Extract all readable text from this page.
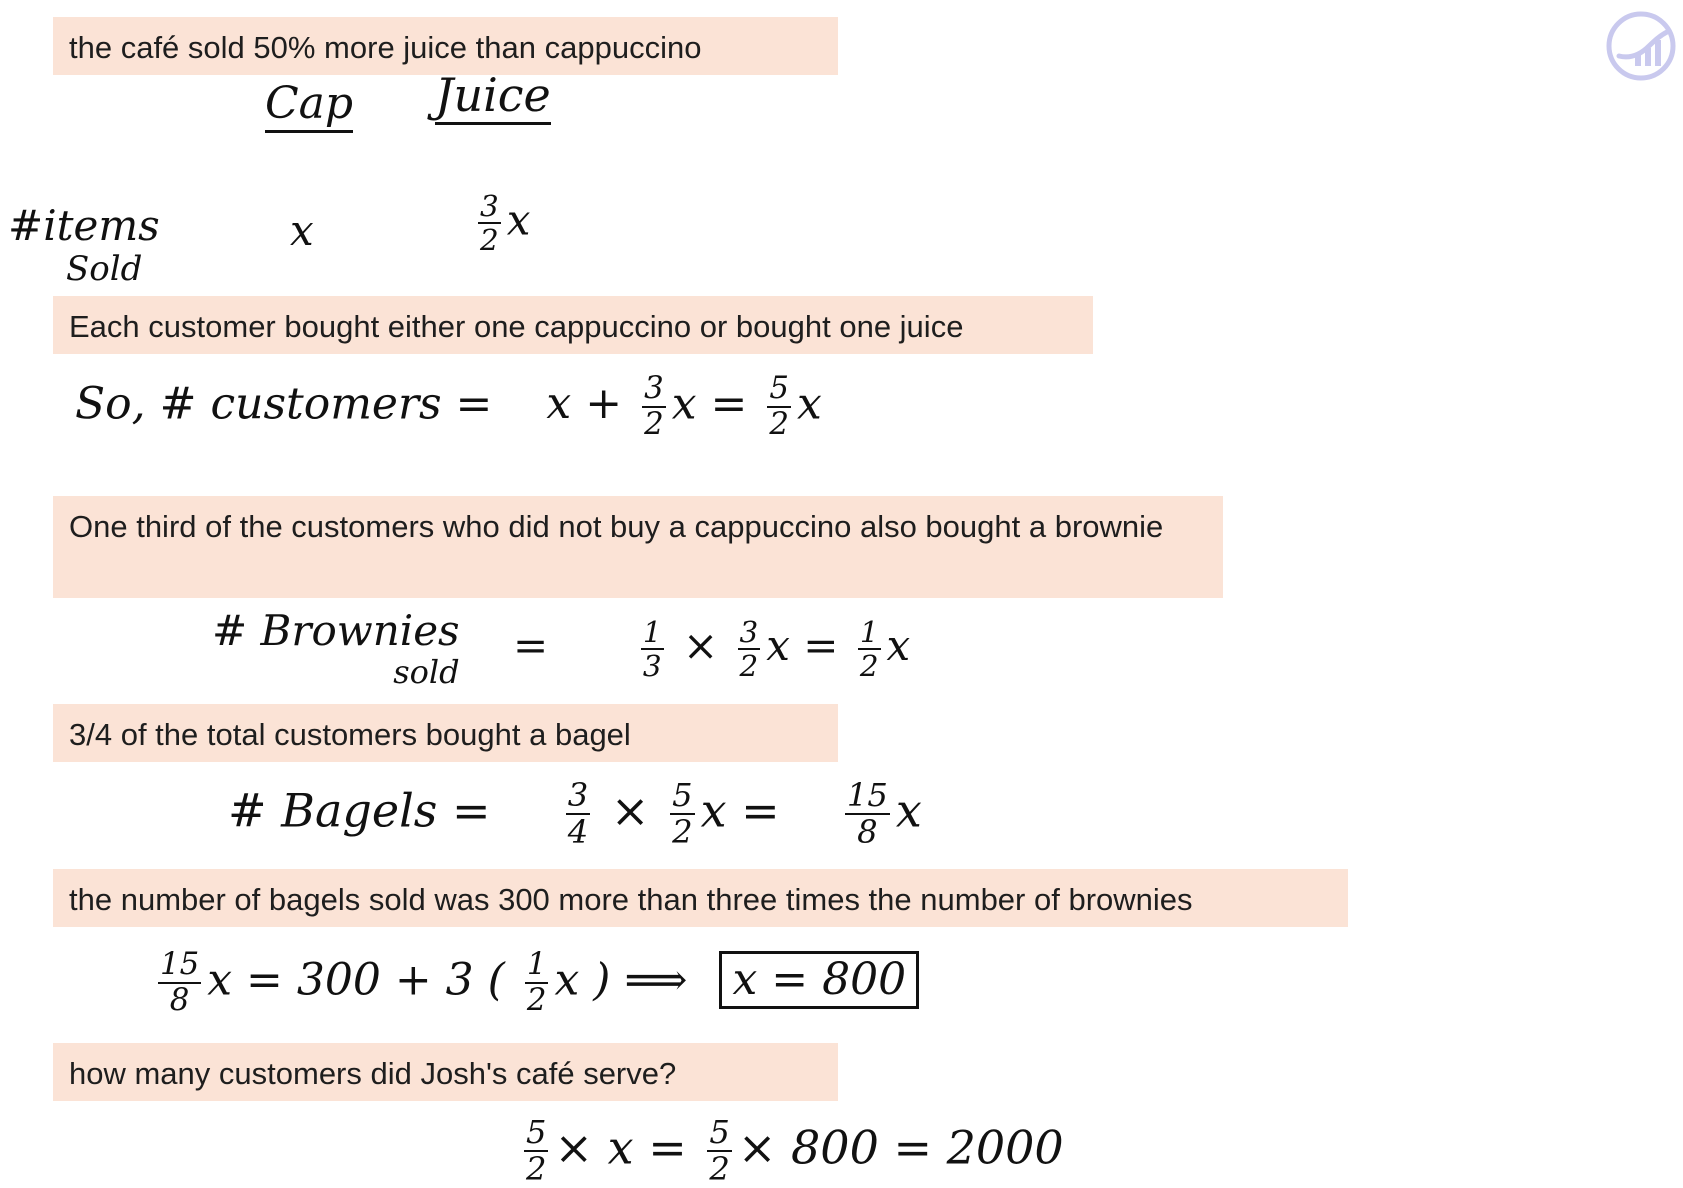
the café sold 50% more juice than cappuccino
Each customer bought either one cappuccino or bought one juice
One third of the customers who did not buy a cappuccino also bought a brownie
3/4 of the total customers bought a bagel
the number of bagels sold was 300 more than three times the number of brownies
how many customers did Josh's café serve?
Cap Juice
#items
Sold
x	$\frac{3}{2}$ x
So, # customers = $x + \frac{3}{2}$ $x = \frac{5}{2}$ x
# Brownies
sold
=	$\frac{1}{3} \times \frac{3}{2}$ $x = \frac{1}{2}$ x
# Bagels = $\frac{3}{4} \times \frac{5}{2}$ $x = \frac{15}{8}$ x
$\frac{15}{8}$ x = 300 + 3 ( $\frac{1}{2}$ x ) ⟹ x = 800
$\frac{5}{2} \times x = \frac{5}{2} \times 800 = 2000$
